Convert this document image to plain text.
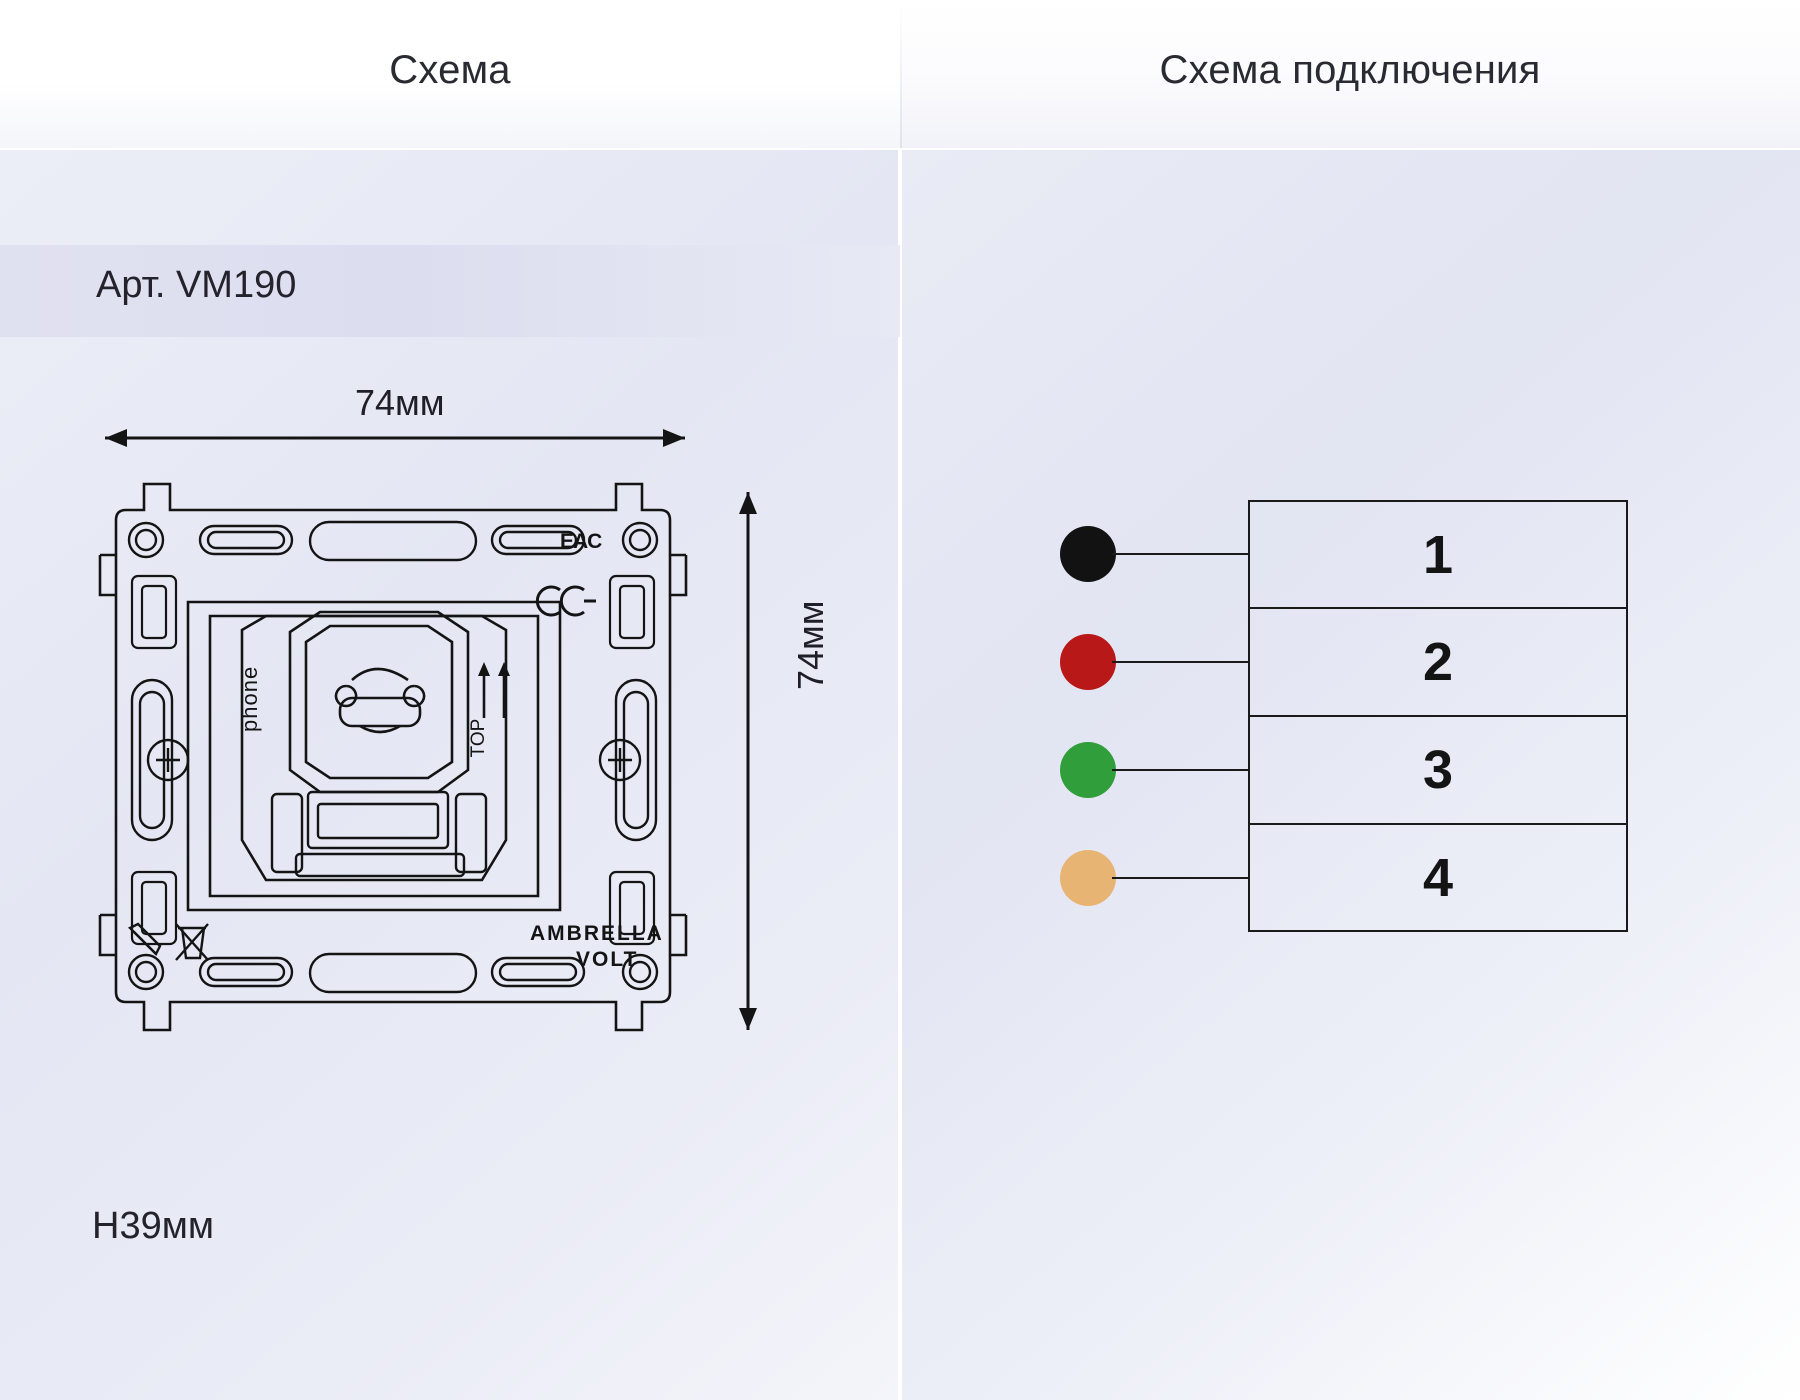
Схема	Схема подключения
Арт. VM190
74мм
74мм
H39мм
phone
TOP
EAC
AMBRELLA
VOLT
1
2
3
4
